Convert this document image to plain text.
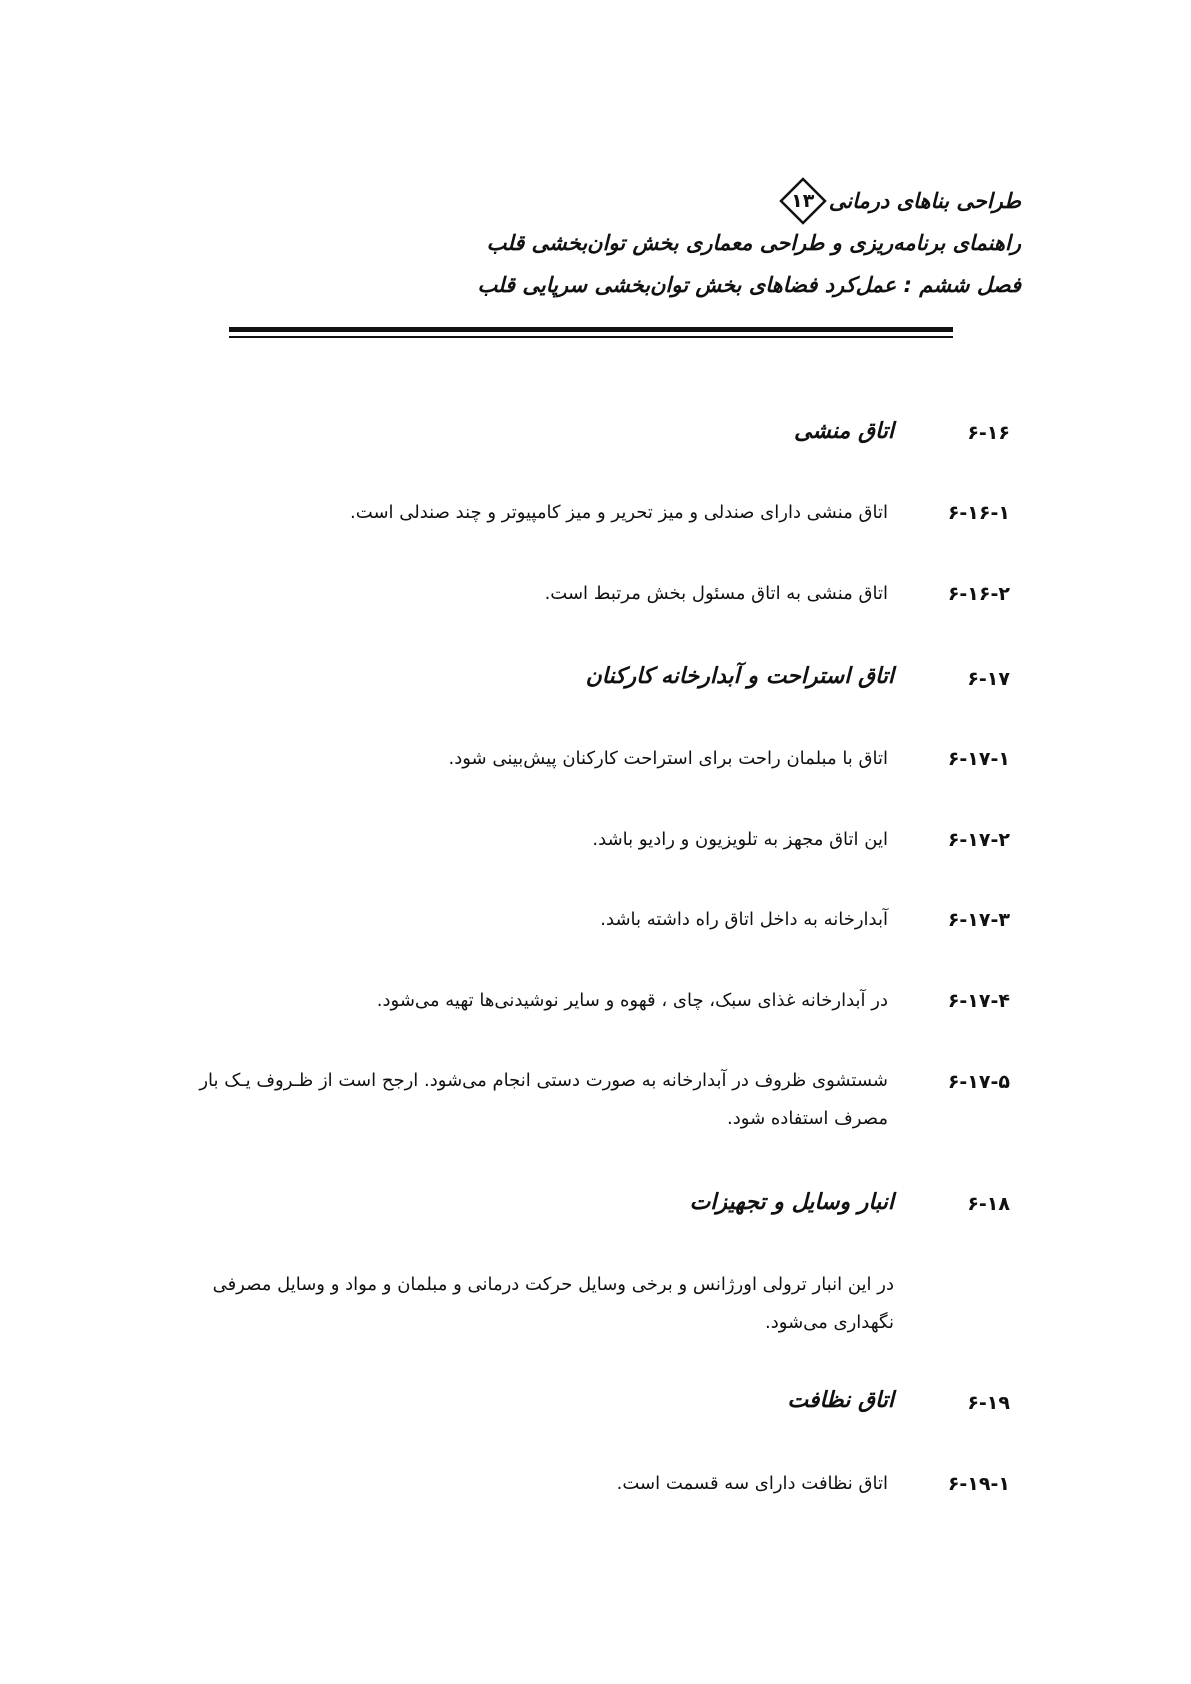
طراحی بناهای درمانی
۱۳
راهنمای برنامه‌ریزی و طراحی معماری بخش توان‌بخشی قلب
فصل ششم : عمل‌کرد فضاهای بخش توان‌بخشی سرپایی قلب
۶-۱۶
اتاق منشی
۶-۱۶-۱
اتاق منشی دارای صندلی و میز تحریر و میز کامپیوتر و چند صندلی است.
۶-۱۶-۲
اتاق منشی به اتاق مسئول بخش مرتبط است.
۶-۱۷
اتاق استراحت و آبدارخانه کارکنان
۶-۱۷-۱
اتاق با مبلمان راحت برای استراحت کارکنان پیش‌بینی شود.
۶-۱۷-۲
این اتاق مجهز به تلویزیون و رادیو باشد.
۶-۱۷-۳
آبدارخانه به داخل اتاق راه داشته باشد.
۶-۱۷-۴
در آبدارخانه غذای سبک، چای ، قهوه و سایر نوشیدنی‌ها تهیه می‌شود.
۶-۱۷-۵
شستشوی ظروف در آبدارخانه به صورت دستی انجام می‌شود. ارجح است از ظـروف یـک بار مصرف استفاده شود.
۶-۱۸
انبار وسایل و تجهیزات
در این انبار ترولی اورژانس و برخی وسایل حرکت درمانی و مبلمان و مواد و وسایل مصرفی نگهداری می‌شود.
۶-۱۹
اتاق نظافت
۶-۱۹-۱
اتاق نظافت دارای سه قسمت است.
